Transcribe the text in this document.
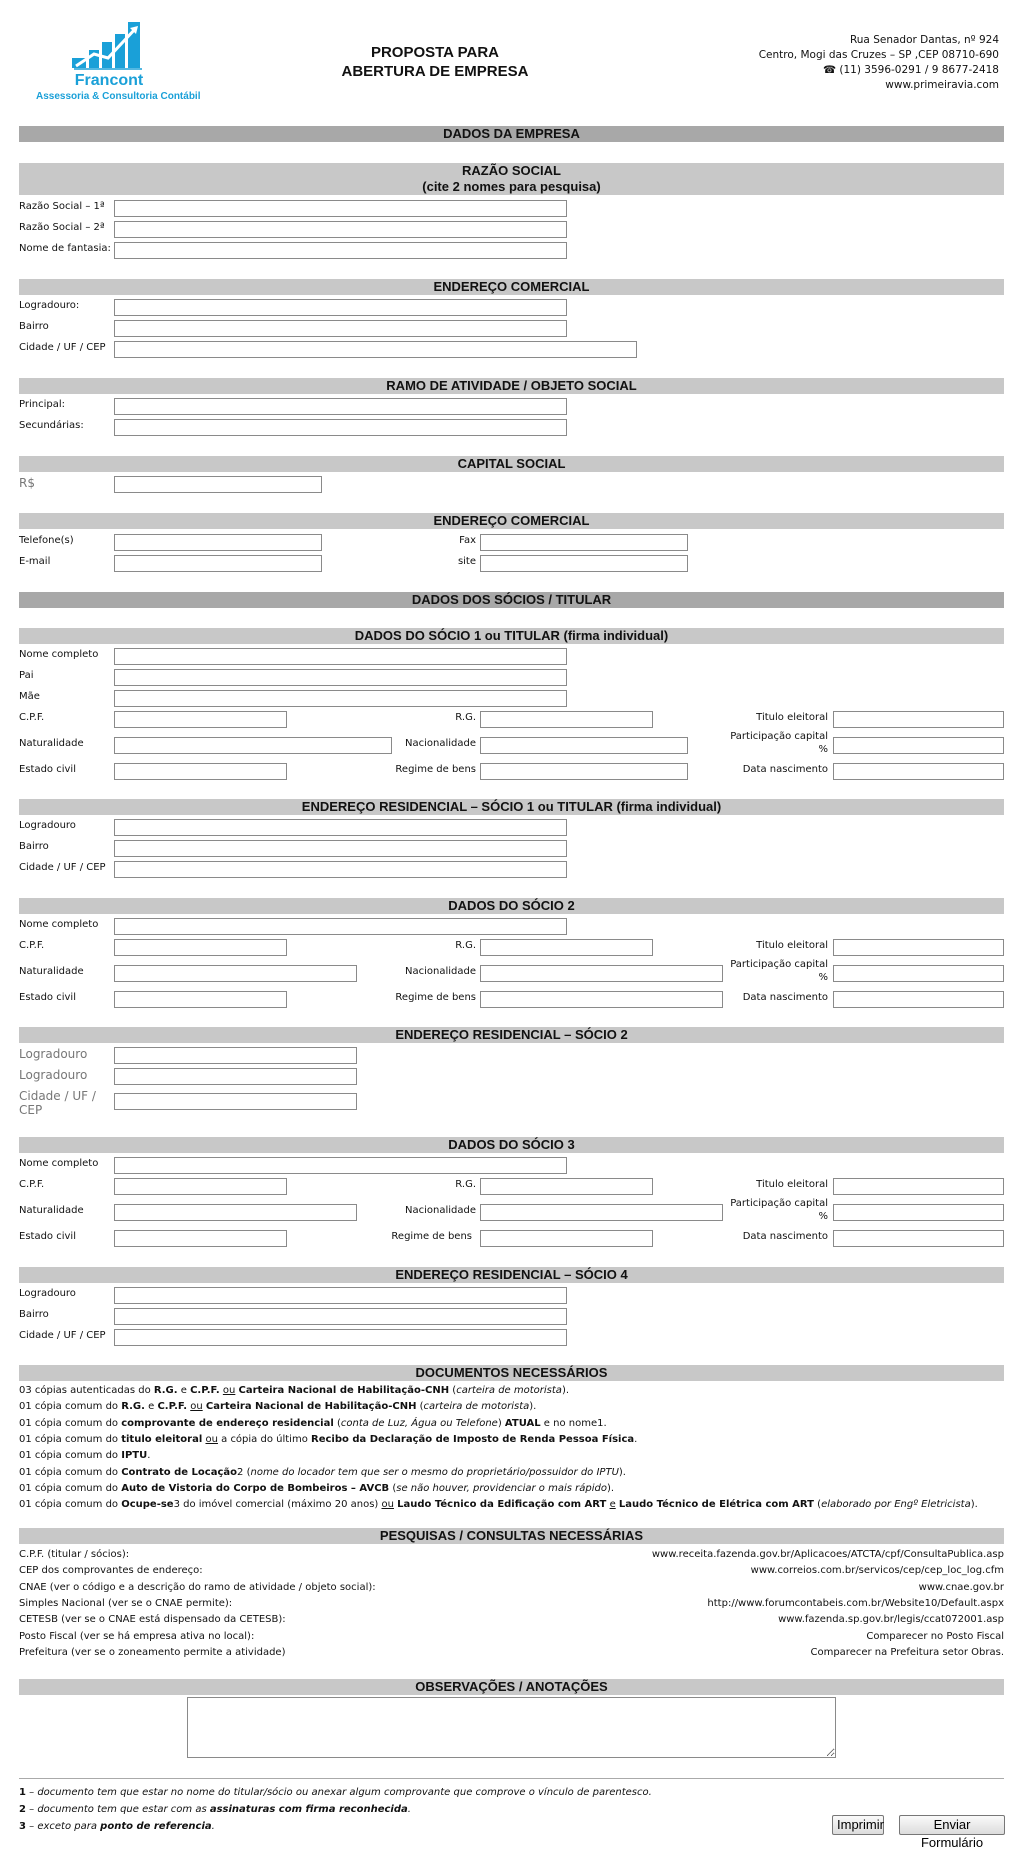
Francont
Assessoria & Consultoria Contábil
PROPOSTA PARA
ABERTURA DE EMPRESA
Rua Senador Dantas, nº 924
Centro, Mogi das Cruzes – SP ,CEP 08710-690
☎ (11) 3596-0291 / 9 8677-2418
www.primeiravia.com
DADOS DA EMPRESA
RAZÃO SOCIAL
(cite 2 nomes para pesquisa)
Razão Social – 1ª
Razão Social – 2ª
Nome de fantasia:
ENDEREÇO COMERCIAL
Logradouro:
Bairro
Cidade / UF / CEP
RAMO DE ATIVIDADE / OBJETO SOCIAL
Principal:
Secundárias:
CAPITAL SOCIAL
R$
ENDEREÇO COMERCIAL
Telefone(s)	Fax
E-mail	site
DADOS DOS SÓCIOS / TITULAR
DADOS DO SÓCIO 1 ou TITULAR (firma individual)
Nome completo
Pai
Mãe
C.P.F.	R.G.	Titulo eleitoral
Naturalidade	Nacionalidade
Participação capital
%
Estado civil	Regime de bens	Data nascimento
ENDEREÇO RESIDENCIAL – SÓCIO 1 ou TITULAR (firma individual)
Logradouro
Bairro
Cidade / UF / CEP
DADOS DO SÓCIO 2
Nome completo
C.P.F.	R.G.	Titulo eleitoral
Naturalidade	Nacionalidade
Participação capital
%
Estado civil	Regime de bens	Data nascimento
ENDEREÇO RESIDENCIAL – SÓCIO 2
Logradouro
Logradouro
Cidade / UF /
CEP
DADOS DO SÓCIO 3
Nome completo
C.P.F.	R.G.	Titulo eleitoral
Naturalidade	Nacionalidade
Participação capital
%
Estado civil	Regime de bens	Data nascimento
ENDEREÇO RESIDENCIAL – SÓCIO 4
Logradouro
Bairro
Cidade / UF / CEP
DOCUMENTOS NECESSÁRIOS
03 cópias autenticadas do R.G. e C.P.F. ou Carteira Nacional de Habilitação-CNH (carteira de motorista).
01 cópia comum do R.G. e C.P.F. ou Carteira Nacional de Habilitação-CNH (carteira de motorista).
01 cópia comum do comprovante de endereço residencial (conta de Luz, Água ou Telefone) ATUAL e no nome1.
01 cópia comum do titulo eleitoral ou a cópia do último Recibo da Declaração de Imposto de Renda Pessoa Física.
01 cópia comum do IPTU.
01 cópia comum do Contrato de Locação2 (nome do locador tem que ser o mesmo do proprietário/possuidor do IPTU).
01 cópia comum do Auto de Vistoria do Corpo de Bombeiros – AVCB (se não houver, providenciar o mais rápido).
01 cópia comum do Ocupe-se3 do imóvel comercial (máximo 20 anos) ou Laudo Técnico da Edificação com ART e Laudo Técnico de Elétrica com ART (elaborado por Engº Eletricista).
PESQUISAS / CONSULTAS NECESSÁRIAS
C.P.F. (titular / sócios):	www.receita.fazenda.gov.br/Aplicacoes/ATCTA/cpf/ConsultaPublica.asp
CEP dos comprovantes de endereço:	www.correios.com.br/servicos/cep/cep_loc_log.cfm
CNAE (ver o código e a descrição do ramo de atividade / objeto social):	www.cnae.gov.br
Simples Nacional (ver se o CNAE permite):	http://www.forumcontabeis.com.br/Website10/Default.aspx
CETESB (ver se o CNAE está dispensado da CETESB):	www.fazenda.sp.gov.br/legis/ccat072001.asp
Posto Fiscal (ver se há empresa ativa no local):	Comparecer no Posto Fiscal
Prefeitura (ver se o zoneamento permite a atividade)	Comparecer na Prefeitura setor Obras.
OBSERVAÇÕES / ANOTAÇÕES
1 – documento tem que estar no nome do titular/sócio ou anexar algum comprovante que comprove o vínculo de parentesco.
2 – documento tem que estar com as assinaturas com firma reconhecida.
3 – exceto para ponto de referencia.	Imprimir	Enviar Formulário
